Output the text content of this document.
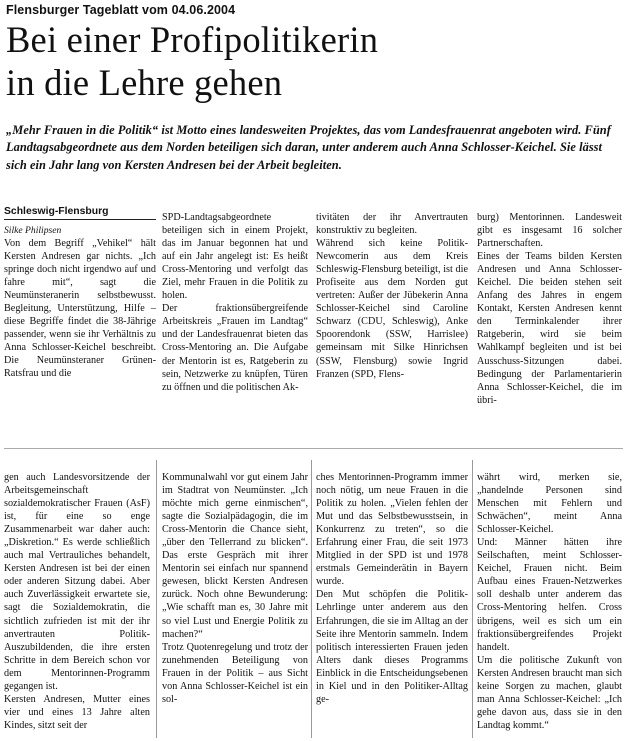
Flensburger Tageblatt vom 04.06.2004
Bei einer Profipolitikerin
in die Lehre gehen
„Mehr Frauen in die Politik“ ist Motto eines landesweiten Projektes, das vom Landesfrauenrat angeboten wird. Fünf Landtagsabgeordnete aus dem Norden beteiligen sich daran, unter anderem auch Anna Schlosser-Keichel. Sie lässt sich ein Jahr lang von Kersten Andresen bei der Arbeit begleiten.
Schleswig-Flensburg
Silke Philipsen

Von dem Begriff „Vehikel“ hält Kersten Andresen gar nichts. „Ich springe doch nicht irgendwo auf und fahre mit“, sagt die Neumünsteranerin selbstbewusst. Begleitung, Unterstützung, Hilfe – diese Begriffe findet die 38-Jährige passender, wenn sie ihr Verhältnis zu Anna Schlosser-Keichel beschreibt. Die Neumünsteraner Grünen-Ratsfrau und die

SPD-Landtagsabgeordnete beteiligen sich in einem Projekt, das im Januar begonnen hat und auf ein Jahr angelegt ist: Es heißt Cross-Mentoring und verfolgt das Ziel, mehr Frauen in die Politik zu holen.
Der fraktionsübergreifende Arbeitskreis „Frauen im Landtag“ und der Landesfrauenrat bieten das Cross-Mentoring an. Die Aufgabe der Mentorin ist es, Ratgeberin zu sein, Netzwerke zu knüpfen, Türen zu öffnen und die politischen Ak-

tivitäten der ihr Anvertrauten konstruktiv zu begleiten.
Während sich keine Politik-Newcomerin aus dem Kreis Schleswig-Flensburg beteiligt, ist die Profiseite aus dem Norden gut vertreten: Außer der Jübekerin Anna Schlosser-Keichel sind Caroline Schwarz (CDU, Schleswig), Anke Spoorendonk (SSW, Harrislee) gemeinsam mit Silke Hinrichsen (SSW, Flensburg) sowie Ingrid Franzen (SPD, Flens-

burg) Mentorinnen. Landesweit gibt es insgesamt 16 solcher Partnerschaften.
Eines der Teams bilden Kersten Andresen und Anna Schlosser-Keichel. Die beiden stehen seit Anfang des Jahres in engem Kontakt, Kersten Andresen kennt den Terminkalender ihrer Ratgeberin, wird sie beim Wahlkampf begleiten und ist bei Ausschuss-Sitzungen dabei. Bedingung der Parlamentarierin Anna Schlosser-Keichel, die im übri-

gen auch Landesvorsitzende der Arbeitsgemeinschaft sozialdemokratischer Frauen (AsF) ist, für eine so enge Zusammenarbeit war daher auch: „Diskretion.“ Es werde schließlich auch mal Vertrauliches behandelt, Kersten Andresen ist bei der einen oder anderen Sitzung dabei. Aber auch Zuverlässigkeit erwartete sie, sagt die Sozialdemokratin, die sichtlich zufrieden ist mit der ihr anvertrauten Politik-Auszubildenden, die ihre ersten Schritte in dem Bereich schon vor dem Mentorinnen-Programm gegangen ist.
Kersten Andresen, Mutter eines vier und eines 13 Jahre alten Kindes, sitzt seit der

Kommunalwahl vor gut einem Jahr im Stadtrat von Neumünster. „Ich möchte mich gerne einmischen“, sagte die Sozialpädagogin, die im Cross-Mentorin die Chance sieht, „über den Tellerrand zu blicken“. Das erste Gespräch mit ihrer Mentorin sei einfach nur spannend gewesen, blickt Kersten Andresen zurück. Noch ohne Bewunderung: „Wie schafft man es, 30 Jahre mit so viel Lust und Energie Politik zu machen?“
Trotz Quotenregelung und trotz der zunehmenden Beteiligung von Frauen in der Politik – aus Sicht von Anna Schlosser-Keichel ist ein sol-

ches Mentorinnen-Programm immer noch nötig, um neue Frauen in die Politik zu holen. „Vielen fehlen der Mut und das Selbstbewusstsein, in Konkurrenz zu treten“, so die Erfahrung einer Frau, die seit 1973 Mitglied in der SPD ist und 1978 erstmals Gemeinderätin in Bayern wurde.
Den Mut schöpfen die Politik-Lehrlinge unter anderem aus den Erfahrungen, die sie im Alltag an der Seite ihre Mentorin sammeln. Indem politisch interessierten Frauen jeden Alters dank dieses Programms Einblick in die Entscheidungsebenen in Kiel und in den Politiker-Alltag ge-

währt wird, merken sie, „handelnde Personen sind Menschen mit Fehlern und Schwächen“, meint Anna Schlosser-Keichel.
Und: Männer hätten ihre Seilschaften, meint Schlosser-Keichel, Frauen nicht. Beim Aufbau eines Frauen-Netzwerkes soll deshalb unter anderem das Cross-Mentoring helfen. Cross übrigens, weil es sich um ein fraktionsübergreifendes Projekt handelt.
Um die politische Zukunft von Kersten Andresen braucht man sich keine Sorgen zu machen, glaubt man Anna Schlosser-Keichel: „Ich gehe davon aus, dass sie in den Landtag kommt.“
